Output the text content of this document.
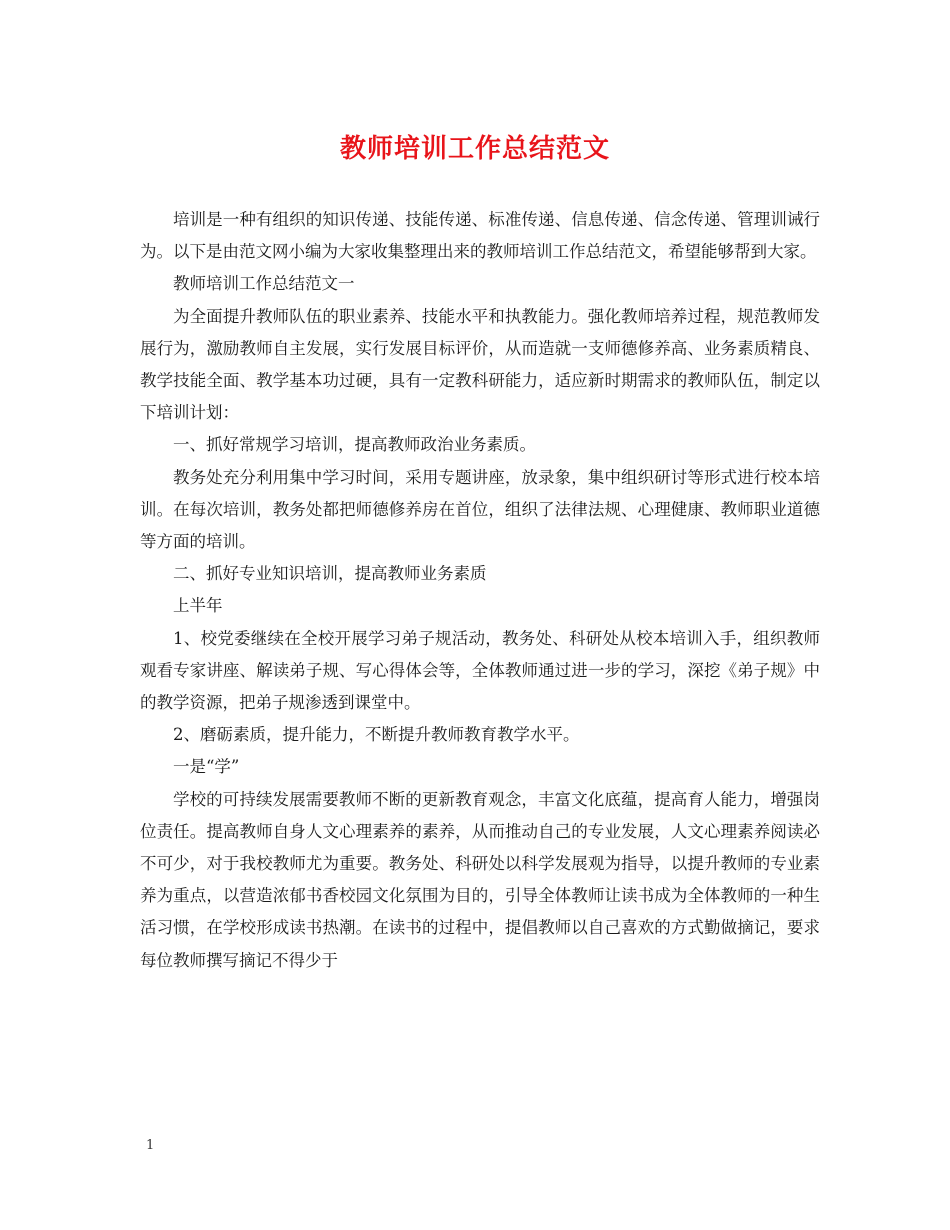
教师培训工作总结范文

培训是一种有组织的知识传递、技能传递、标准传递、信息传递、信念传递、管理训诫行为。以下是由范文网小编为大家收集整理出来的教师培训工作总结范文，希望能够帮到大家。

教师培训工作总结范文一

为全面提升教师队伍的职业素养、技能水平和执教能力。强化教师培养过程，规范教师发展行为，激励教师自主发展，实行发展目标评价，从而造就一支师德修养高、业务素质精良、教学技能全面、教学基本功过硬，具有一定教科研能力，适应新时期需求的教师队伍，制定以下培训计划：

一、抓好常规学习培训，提高教师政治业务素质。

教务处充分利用集中学习时间，采用专题讲座，放录象，集中组织研讨等形式进行校本培训。在每次培训，教务处都把师德修养房在首位，组织了法律法规、心理健康、教师职业道德等方面的培训。

二、抓好专业知识培训，提高教师业务素质

上半年

1、校党委继续在全校开展学习弟子规活动，教务处、科研处从校本培训入手，组织教师观看专家讲座、解读弟子规、写心得体会等，全体教师通过进一步的学习，深挖《弟子规》中的教学资源，把弟子规渗透到课堂中。

2、磨砺素质，提升能力，不断提升教师教育教学水平。

一是“学”

学校的可持续发展需要教师不断的更新教育观念，丰富文化底蕴，提高育人能力，增强岗位责任。提高教师自身人文心理素养的素养，从而推动自己的专业发展，人文心理素养阅读必不可少，对于我校教师尤为重要。教务处、科研处以科学发展观为指导，以提升教师的专业素养为重点，以营造浓郁书香校园文化氛围为目的，引导全体教师让读书成为全体教师的一种生活习惯，在学校形成读书热潮。在读书的过程中，提倡教师以自己喜欢的方式勤做摘记，要求每位教师撰写摘记不得少于

1
